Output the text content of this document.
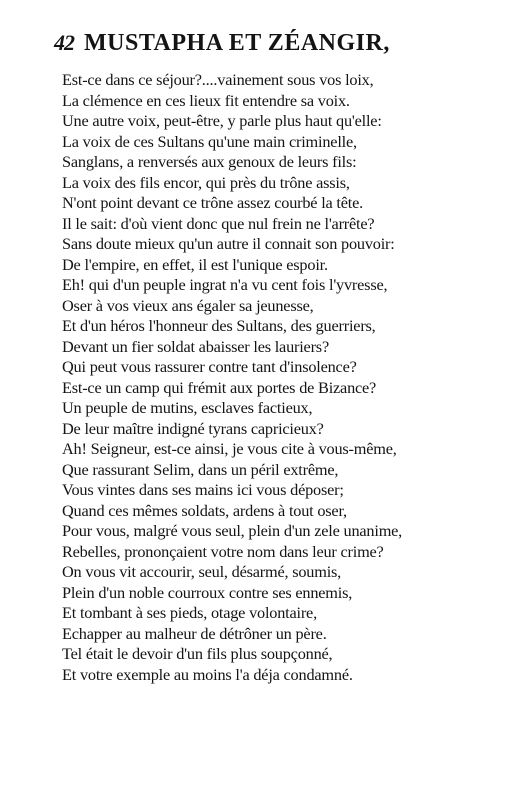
42 MUSTAPHA ET ZÉANGIR,
Est-ce dans ce séjour?....vainement sous vos loix,
La clémence en ces lieux fit entendre sa voix.
Une autre voix, peut-être, y parle plus haut qu'elle:
La voix de ces Sultans qu'une main criminelle,
Sanglans, a renversés aux genoux de leurs fils:
La voix des fils encor, qui près du trône assis,
N'ont point devant ce trône assez courbé la tête.
Il le sait: d'où vient donc que nul frein ne l'arrête?
Sans doute mieux qu'un autre il connait son pouvoir:
De l'empire, en effet, il est l'unique espoir.
Eh! qui d'un peuple ingrat n'a vu cent fois l'yvresse,
Oser à vos vieux ans égaler sa jeunesse,
Et d'un héros l'honneur des Sultans, des guerriers,
Devant un fier soldat abaisser les lauriers?
Qui peut vous rassurer contre tant d'insolence?
Est-ce un camp qui frémit aux portes de Bizance?
Un peuple de mutins, esclaves factieux,
De leur maître indigné tyrans capricieux?
Ah! Seigneur, est-ce ainsi, je vous cite à vous-même,
Que rassurant Selim, dans un péril extrême,
Vous vintes dans ses mains ici vous déposer;
Quand ces mêmes soldats, ardens à tout oser,
Pour vous, malgré vous seul, plein d'un zele unanime,
Rebelles, prononçaient votre nom dans leur crime?
On vous vit accourir, seul, désarmé, soumis,
Plein d'un noble courroux contre ses ennemis,
Et tombant à ses pieds, otage volontaire,
Echapper au malheur de détrôner un père.
Tel était le devoir d'un fils plus soupçonné,
Et votre exemple au moins l'a déja condamné.
